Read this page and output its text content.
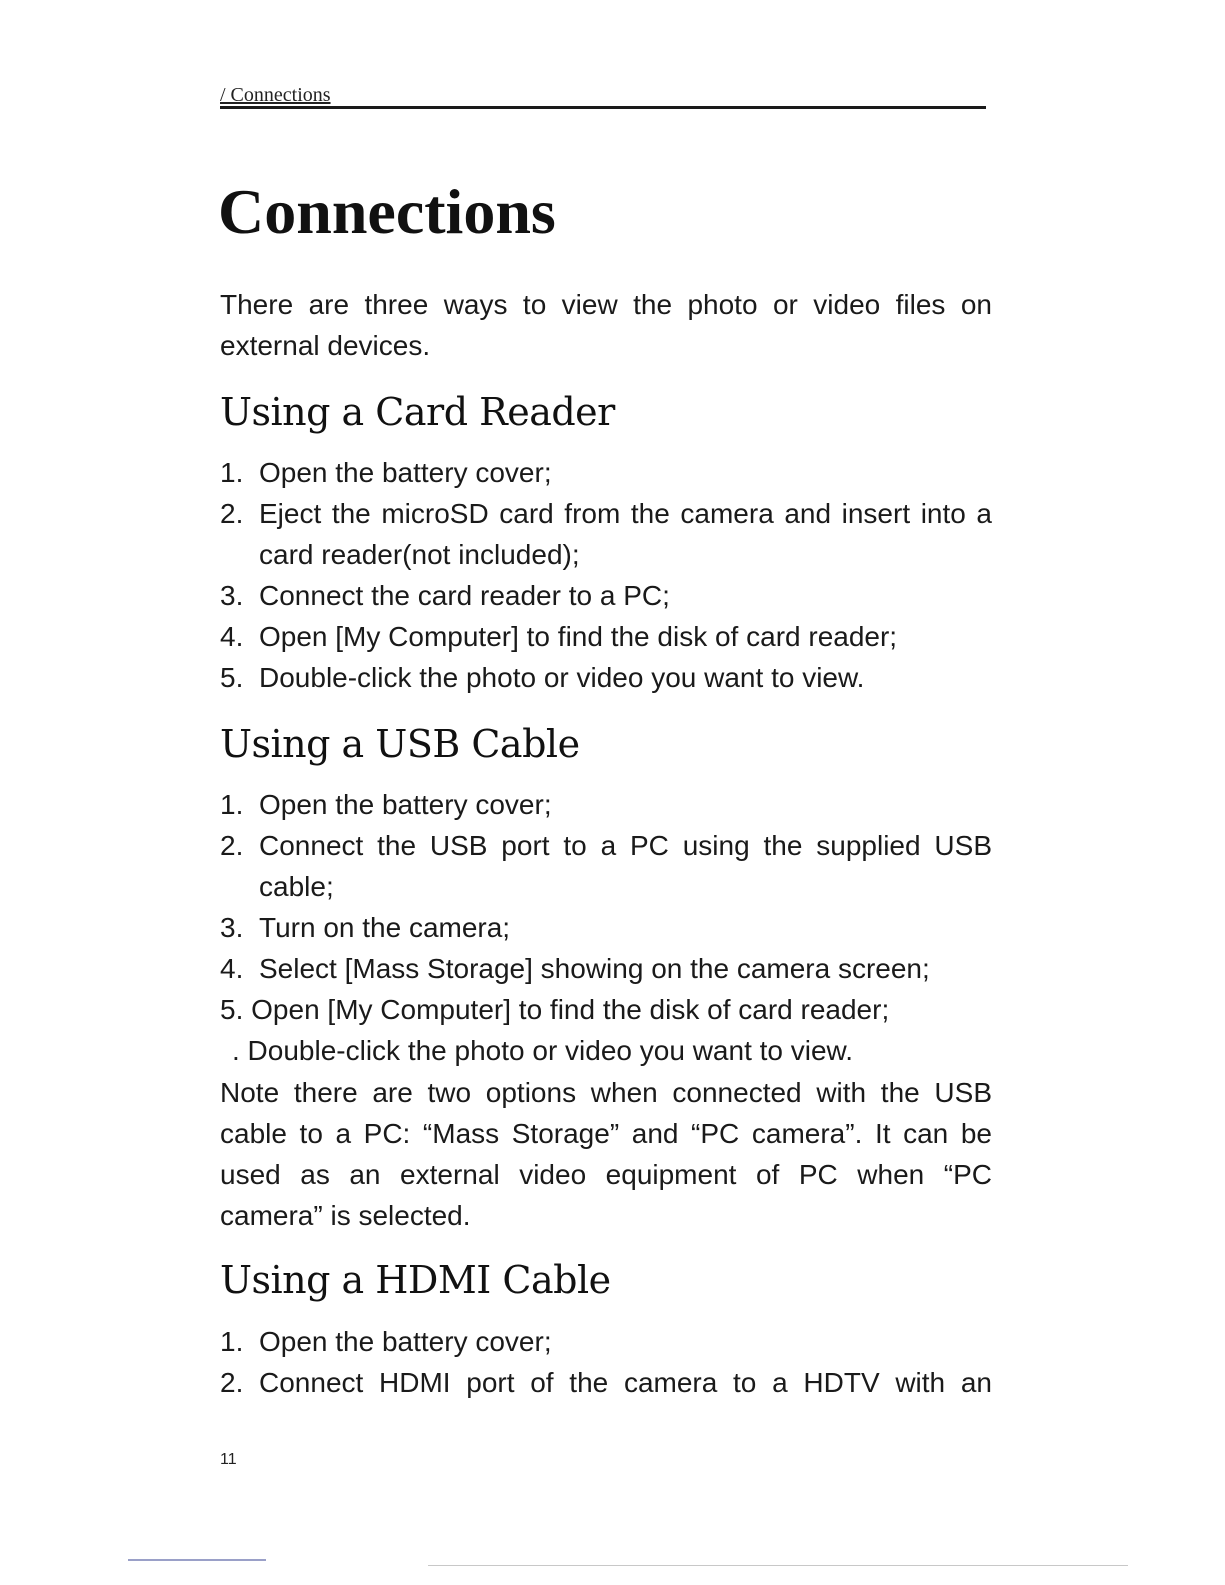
/ Connections
Connections

There are three ways to view the photo or video files on external devices.

Using a Card Reader
1. Open the battery cover;
2. Eject the microSD card from the camera and insert into a card reader(not included);
3. Connect the card reader to a PC;
4. Open [My Computer] to find the disk of card reader;
5. Double-click the photo or video you want to view.
Using a USB Cable
1. Open the battery cover;
2. Connect the USB port to a PC using the supplied USB cable;
3. Turn on the camera;
4. Select [Mass Storage] showing on the camera screen;
5. Open [My Computer] to find the disk of card reader;
. Double-click the photo or video you want to view.

Note there are two options when connected with the USB cable to a PC: “Mass Storage” and “PC camera”. It can be used as an external video equipment of PC when “PC camera” is selected.

Using a HDMI Cable
1. Open the battery cover;
2. Connect HDMI port of the camera to a HDTV with an
11
